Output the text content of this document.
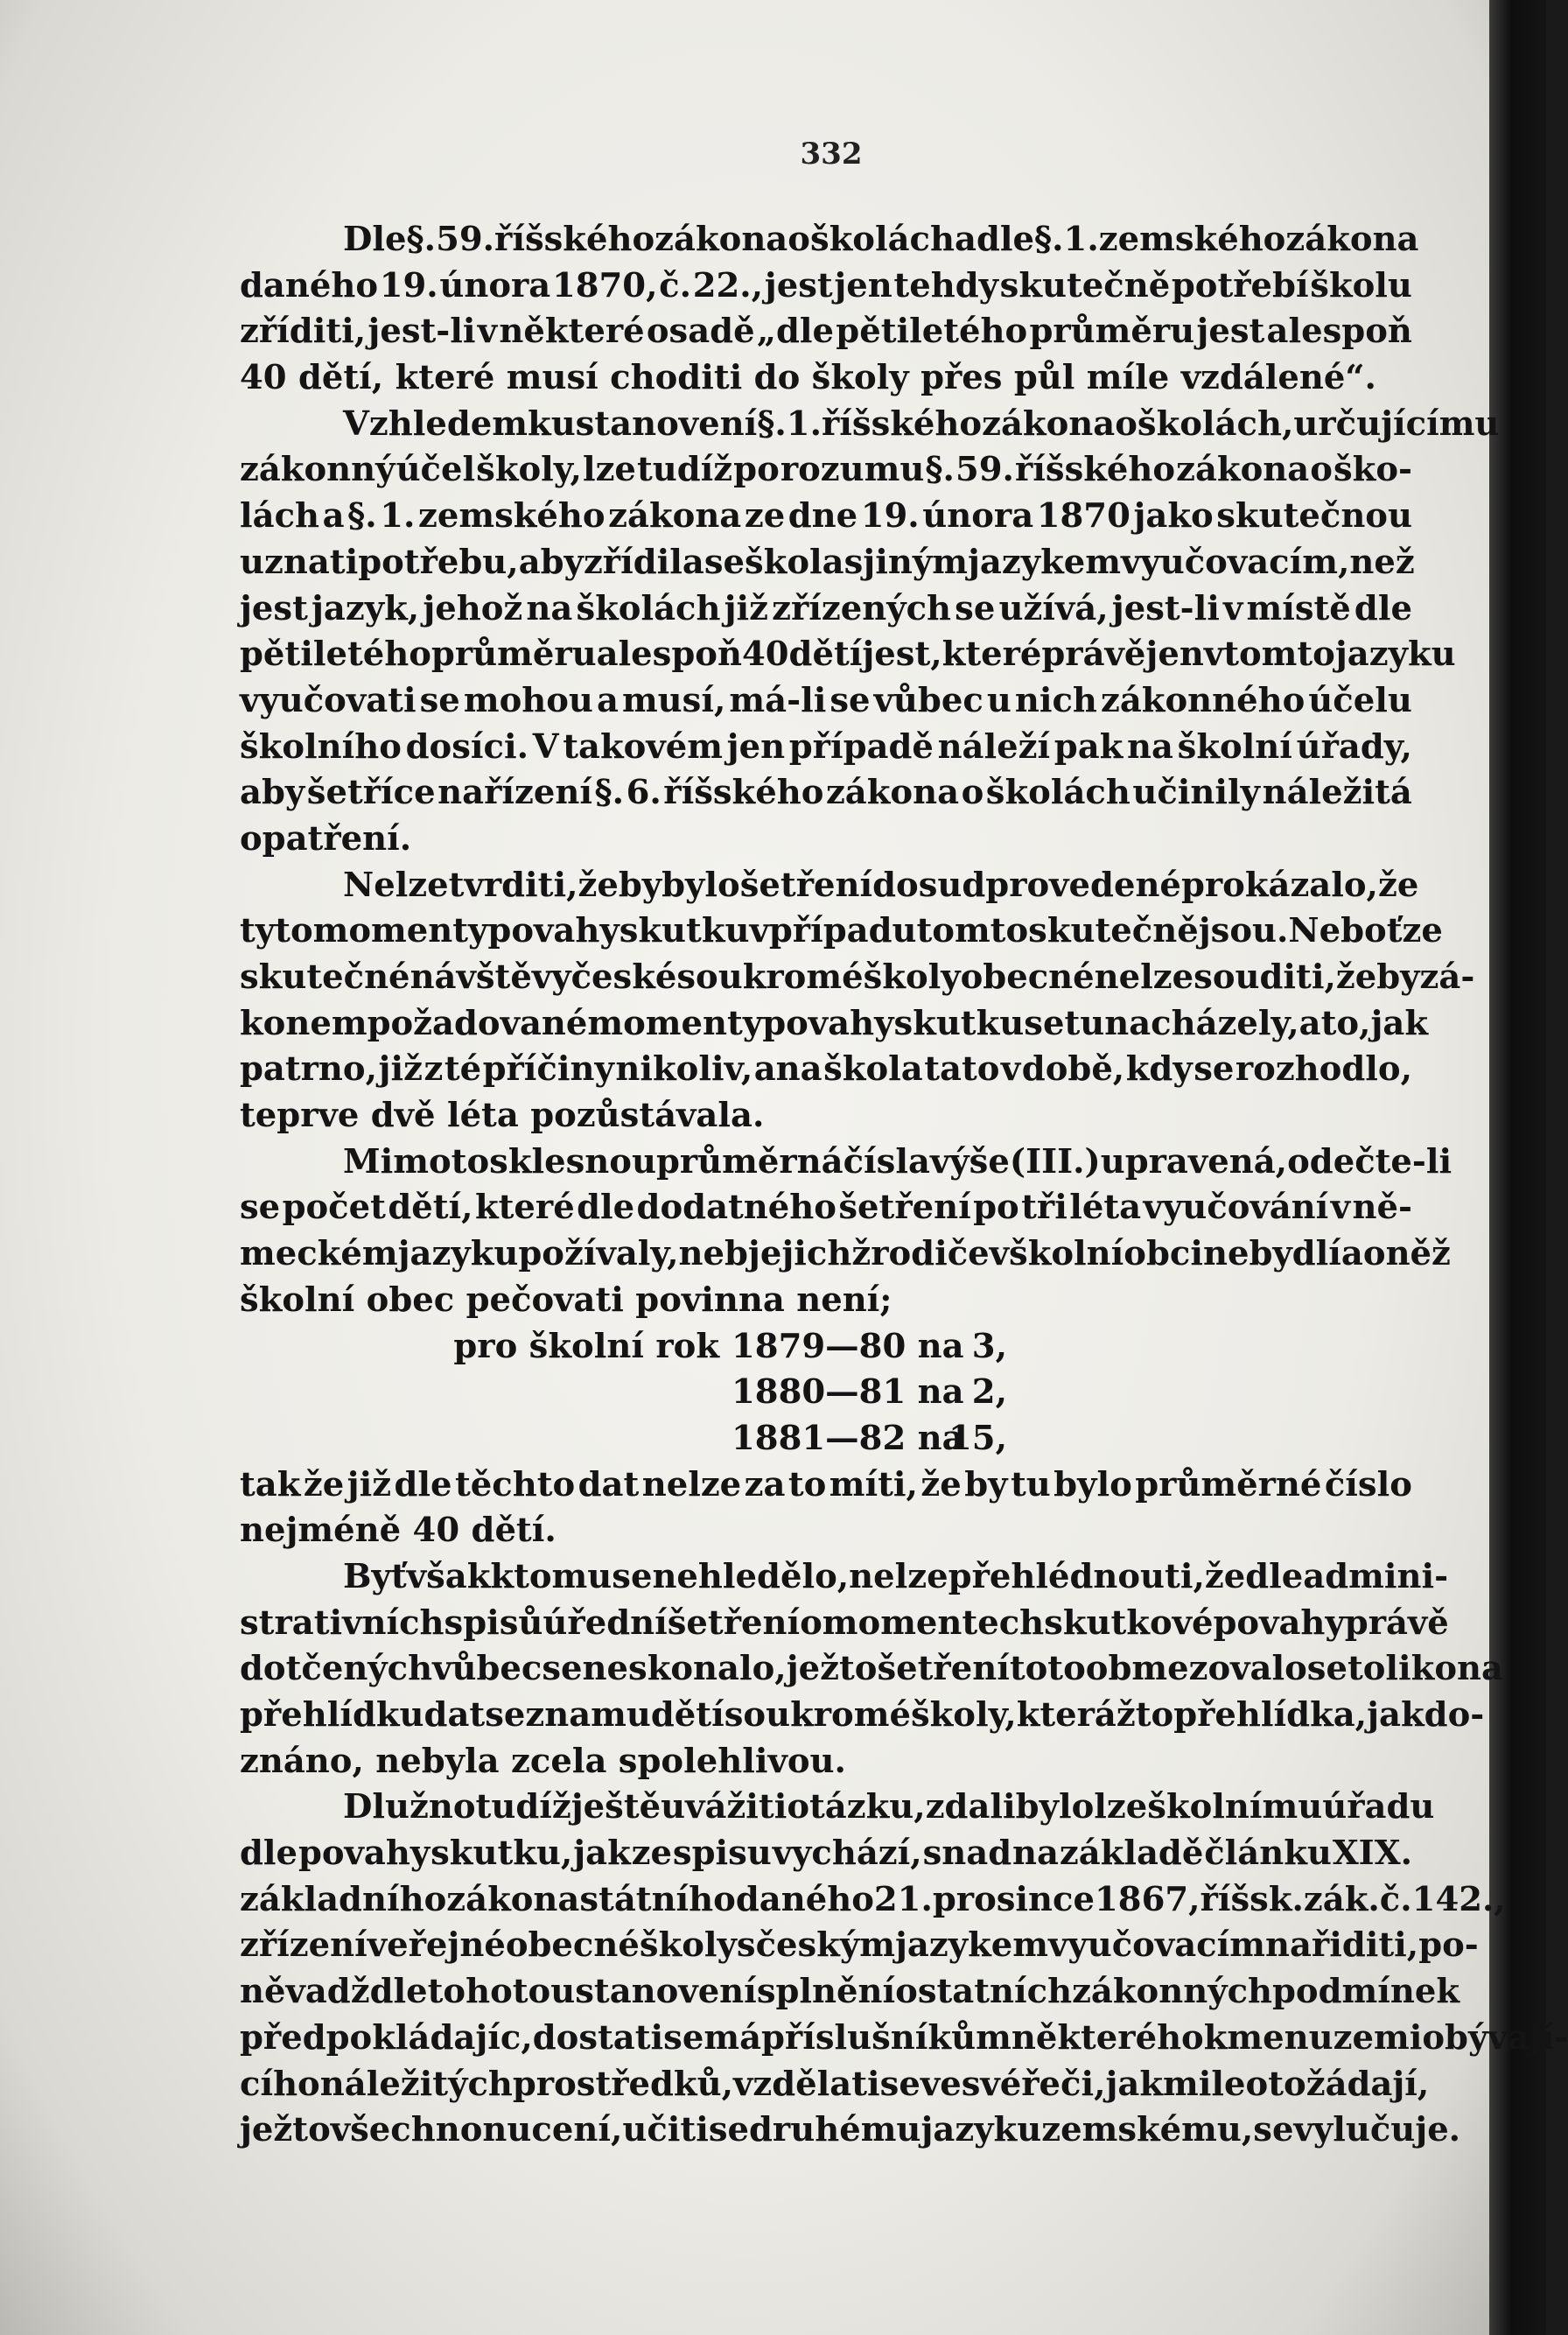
332
Dle §. 59. říšského zákona o školách a dle §. 1. zemského zákona
daného 19. února 1870, č. 22., jest jen tehdy skutečně potřebí školu
zříditi, jest-li v některé osadě „dle pětiletého průměru jest alespoň
40 dětí, které musí choditi do školy přes půl míle vzdálené“.
Vzhledem k ustanovení §. 1. říšského zákona o školách, určujícímu
zákonný účel školy, lze tudíž po rozumu §. 59. říšského zákona o ško-
lách a §. 1. zemského zákona ze dne 19. února 1870 jako skutečnou
uznati potřebu, aby zřídila se škola s jiným jazykem vyučovacím, než
jest jazyk, jehož na školách již zřízených se užívá, jest-li v místě dle
pětiletého průměru alespoň 40 dětí jest, které právě jen v tomto jazyku
vyučovati se mohou a musí, má-li se vůbec u nich zákonného účelu
školního dosíci. V takovém jen případě náleží pak na školní úřady,
aby šetříce nařízení §. 6. říšského zákona o školách učinily náležitá
opatření.
Nelze tvrditi, že by bylo šetření dosud provedené prokázalo, že
tyto momenty povahy skutku v případu tomto skutečně jsou. Neboť ze
skutečné návštěvy české soukromé školy obecné nelze souditi, že by zá-
konem požadované momenty povahy skutku se tu nacházely, a to, jak
patrno, již z té příčiny nikoliv, ana škola tato v době, kdy se rozhodlo,
teprve dvě léta pozůstávala.
Mimo to sklesnou průměrná čísla výše (III.) upravená, odečte-li
se počet dětí, které dle dodatného šetření po tři léta vyučování v ně-
meckém jazyku požívaly, neb jejichž rodiče v školní obci nebydlí a o něž
školní obec pečovati povinna není;
pro školní rok 1879—80 na 3,
1880—81 na 2,
1881—82 na
15,
tak že již dle těchto dat nelze za to míti, že by tu bylo průměrné číslo
nejméně 40 dětí.
Byť však k tomu se nehledělo, nelze přehlédnouti, že dle admini-
strativních spisů úřední šetření o momentech skutkové povahy právě
dotčených vůbec se neskonalo, ježto šetření toto obmezovalo se toliko na
přehlídku dat seznamu dětí soukromé školy, kterážto přehlídka, jak do-
znáno, nebyla zcela spolehlivou.
Dlužno tudíž ještě uvážiti otázku, zdali bylo lze školnímu úřadu
dle povahy skutku, jak ze spisu vychází, snad na základě článku XIX.
základního zákona státního daného 21. prosince 1867, říšsk. zák. č. 142.,
zřízení veřejné obecné školy s českým jazykem vyučovacím nařiditi, po-
něvadž dle tohoto ustanovení splnění ostatních zákonných podmínek
předpokládajíc, dostati se má příslušníkům některého kmenu zemi obývají-
cího náležitých prostředků, vzdělati se ve své řeči, jakmile o to žádají,
ježto všechno nucení, učiti se druhému jazyku zemskému, se vylučuje.
